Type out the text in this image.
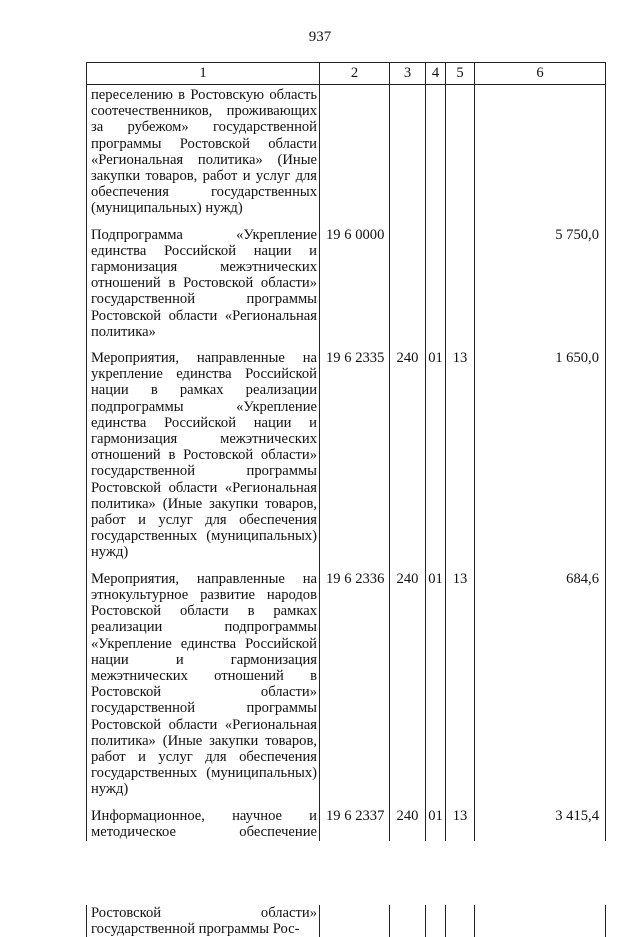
937
1	2	3	4	5	6
переселению в Ростовскую область соотечественников, проживающих за рубежом» государственной программы Ростовской области «Региональная политика» (Иные закупки товаров, работ и услуг для обеспечения государственных (муниципальных) нужд)					
Подпрограмма «Укрепление единства Российской нации и гармонизация межэтнических отношений в Ростовской области» государственной программы Ростовской области «Региональная политика»	19 6 0000				5 750,0
Мероприятия, направленные на укрепление единства Российской нации в рамках реализации подпрограммы «Укрепление единства Российской нации и гармонизация межэтнических отношений в Ростовской области» государственной программы Ростовской области «Региональная политика» (Иные закупки товаров, работ и услуг для обеспечения государственных (муниципальных) нужд)	19 6 2335	240	01	13	1 650,0
Мероприятия, направленные на этнокультурное развитие народов Ростовской области в рамках реализации подпрограммы «Укрепление единства Российской нации и гармонизация межэтнических отношений в Ростовской области» государственной программы Ростовской области «Региональная политика» (Иные закупки товаров, работ и услуг для обеспечения государственных (муниципальных) нужд)	19 6 2336	240	01	13	684,6
Информационное, научное и методическое обеспечение Ростовской области» государственной программы Рос-	19 6 2337	240	01	13	3 415,4
